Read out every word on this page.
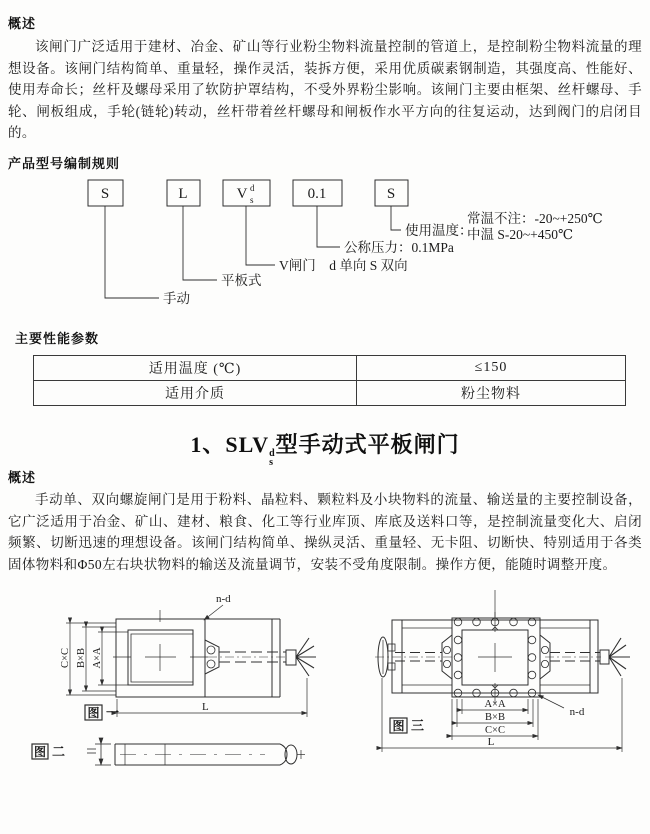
概述
该闸门广泛适用于建材、冶金、矿山等行业粉尘物料流量控制的管道上，是控制粉尘物料流量的理想设备。该闸门结构简单、重量轻，操作灵活，装拆方便，采用优质碳素钢制造，其强度高、性能好、使用寿命长；丝杆及螺母采用了软防护罩结构，不受外界粉尘影响。该闸门主要由框架、丝杆螺母、手轮、闸板组成，手轮(链轮)转动，丝杆带着丝杆螺母和闸板作水平方向的往复运动，达到阀门的启闭目的。
产品型号编制规则
S	L	V d
s	0.1	S
手动
平板式
V闸门　d 单向 S 双向
公称压力：0.1MPa
使用温度：
常温不注：-20~+250℃
中温 S-20~+450℃
主要性能参数
适用温度 (℃)	≤150
适用介质	粉尘物料
1、SLV d
s
型手动式平板闸门
概述
手动单、双向螺旋闸门是用于粉料、晶粒料、颗粒料及小块物料的流量、输送量的主要控制设备，它广泛适用于冶金、矿山、建材、粮食、化工等行业库顶、库底及送料口等，是控制流量变化大、启闭频繁、切断迅速的理想设备。该闸门结构简单、操纵灵活、重量轻、无卡阻、切断快、特别适用于各类固体物料和Φ50左右块状物料的输送及流量调节，安装不受角度限制。操作方便，能随时调整开度。
C×C B×B A×A
L
n-d
图 一
图 二
A×A
B×B
C×C
L
n-d
图 三
